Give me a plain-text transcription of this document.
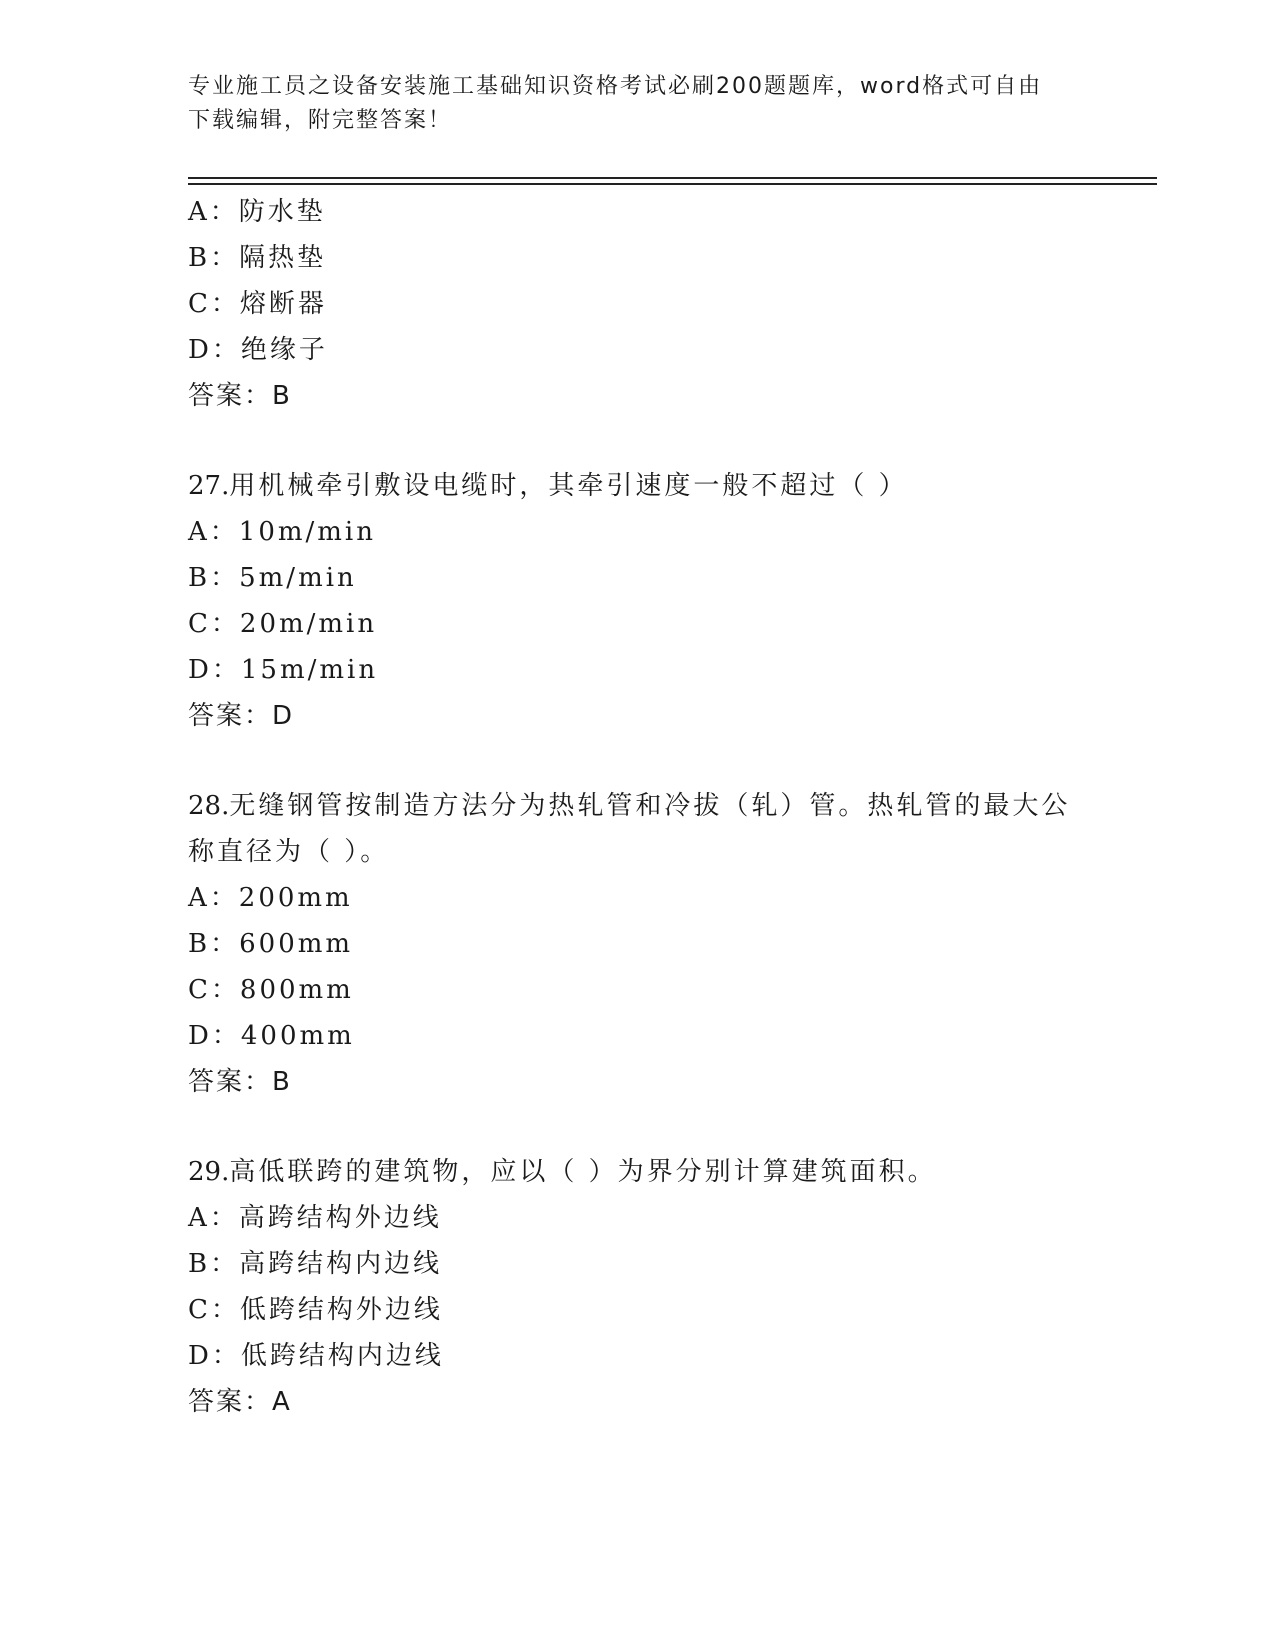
专业施工员之设备安装施工基础知识资格考试必刷200题题库，word格式可自由
下载编辑，附完整答案！
A：防水垫
B：隔热垫
C：熔断器
D：绝缘子
答案：B
27.用机械牵引敷设电缆时，其牵引速度一般不超过（ ）
A：10m/min
B：5m/min
C：20m/min
D：15m/min
答案：D
28.无缝钢管按制造方法分为热轧管和冷拔（轧）管。热轧管的最大公
称直径为（ ）。
A：200mm
B：600mm
C：800mm
D：400mm
答案：B
29.高低联跨的建筑物，应以（ ）为界分别计算建筑面积。
A：高跨结构外边线
B：高跨结构内边线
C：低跨结构外边线
D：低跨结构内边线
答案：A
